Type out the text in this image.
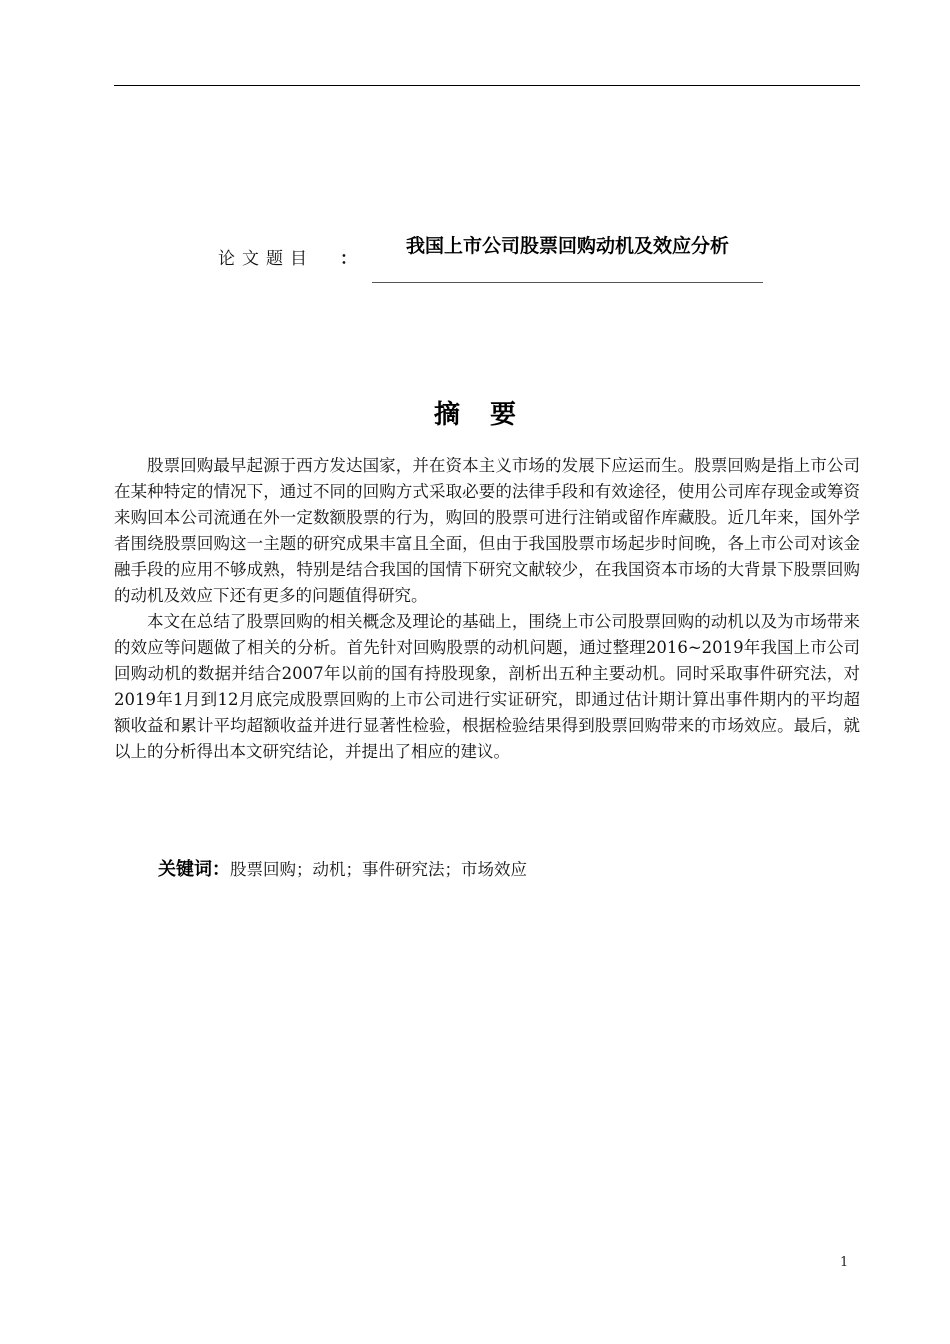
论文题目 ：
我国上市公司股票回购动机及效应分析
摘要

股票回购最早起源于西方发达国家，并在资本主义市场的发展下应运而生。股票回购是指上市公司在某种特定的情况下，通过不同的回购方式采取必要的法律手段和有效途径，使用公司库存现金或筹资来购回本公司流通在外一定数额股票的行为，购回的股票可进行注销或留作库藏股。近几年来，国外学者围绕股票回购这一主题的研究成果丰富且全面，但由于我国股票市场起步时间晚，各上市公司对该金融手段的应用不够成熟，特别是结合我国的国情下研究文献较少，在我国资本市场的大背景下股票回购的动机及效应下还有更多的问题值得研究。

本文在总结了股票回购的相关概念及理论的基础上，围绕上市公司股票回购的动机以及为市场带来的效应等问题做了相关的分析。首先针对回购股票的动机问题，通过整理2016~2019年我国上市公司回购动机的数据并结合2007年以前的国有持股现象，剖析出五种主要动机。同时采取事件研究法，对2019年1月到12月底完成股票回购的上市公司进行实证研究，即通过估计期计算出事件期内的平均超额收益和累计平均超额收益并进行显著性检验，根据检验结果得到股票回购带来的市场效应。最后，就以上的分析得出本文研究结论，并提出了相应的建议。

关键词：股票回购；动机；事件研究法；市场效应
1
